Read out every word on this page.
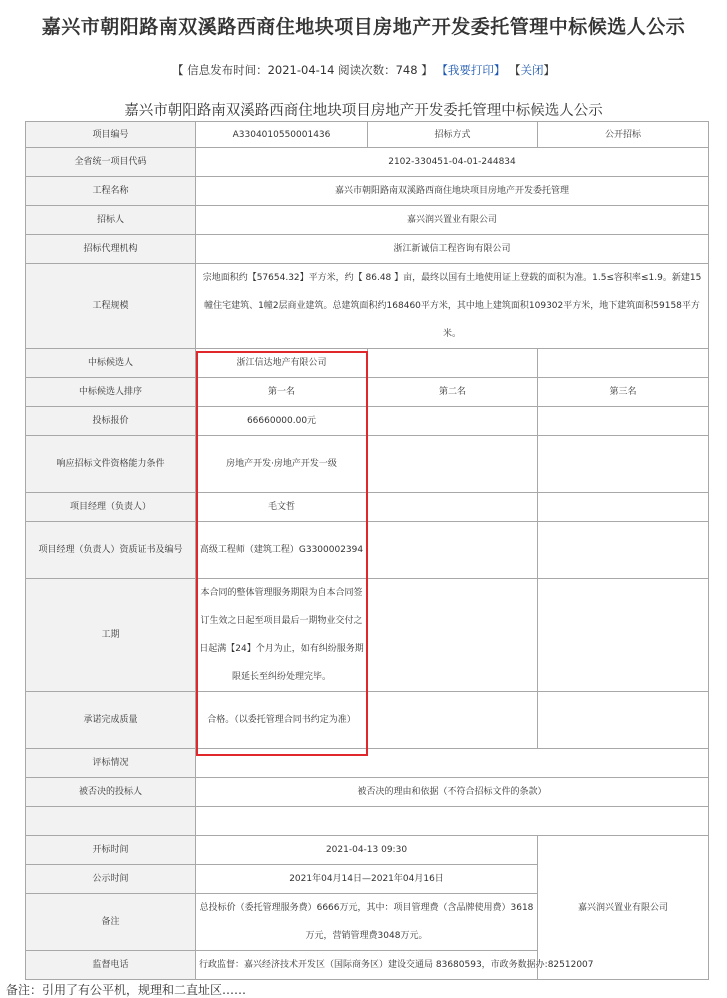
嘉兴市朝阳路南双溪路西商住地块项目房地产开发委托管理中标候选人公示
【 信息发布时间：2021-04-14 阅读次数：748 】 【我要打印】 【关闭】
嘉兴市朝阳路南双溪路西商住地块项目房地产开发委托管理中标候选人公示
项目编号	A3304010550001436	招标方式	公开招标
全省统一项目代码	2102-330451-04-01-244834		
工程名称	嘉兴市朝阳路南双溪路西商住地块项目房地产开发委托管理		
招标人	嘉兴润兴置业有限公司		
招标代理机构	浙江新诚信工程咨询有限公司		
工程规模	宗地面积约【57654.32】平方米，约【 86.48 】亩，最终以国有土地使用证上登载的面积为准。1.5≤容积率≤1.9。新建15幢住宅建筑、1幢2层商业建筑。总建筑面积约168460平方米，其中地上建筑面积109302平方米，地下建筑面积59158平方米。		
中标候选人	浙江信达地产有限公司		
中标候选人排序	第一名	第二名	第三名
投标报价	66660000.00元		
响应招标文件资格能力条件	房地产开发·房地产开发一级		
项目经理（负责人）	毛文哲		
项目经理（负责人）资质证书及编号	高级工程师（建筑工程）G3300002394		
工期	本合同的整体管理服务期限为自本合同签订生效之日起至项目最后一期物业交付之日起满【24】个月为止，如有纠纷服务期限延长至纠纷处理完毕。		
承诺完成质量	合格。（以委托管理合同书约定为准）		
评标情况			
被否决的投标人	被否决的理由和依据（不符合招标文件的条款）		

开标时间	2021-04-13 09:30		嘉兴润兴置业有限公司
公示时间	2021年04月14日—2021年04月16日		
备注	总投标价（委托管理服务费）6666万元，其中：项目管理费（含品牌使用费）3618万元，营销管理费3048万元。		
监督电话	行政监督：嘉兴经济技术开发区（国际商务区）建设交通局 83680593，市政务数据办:82512007		
备注：引用了有公平机，规理和二直址区……
